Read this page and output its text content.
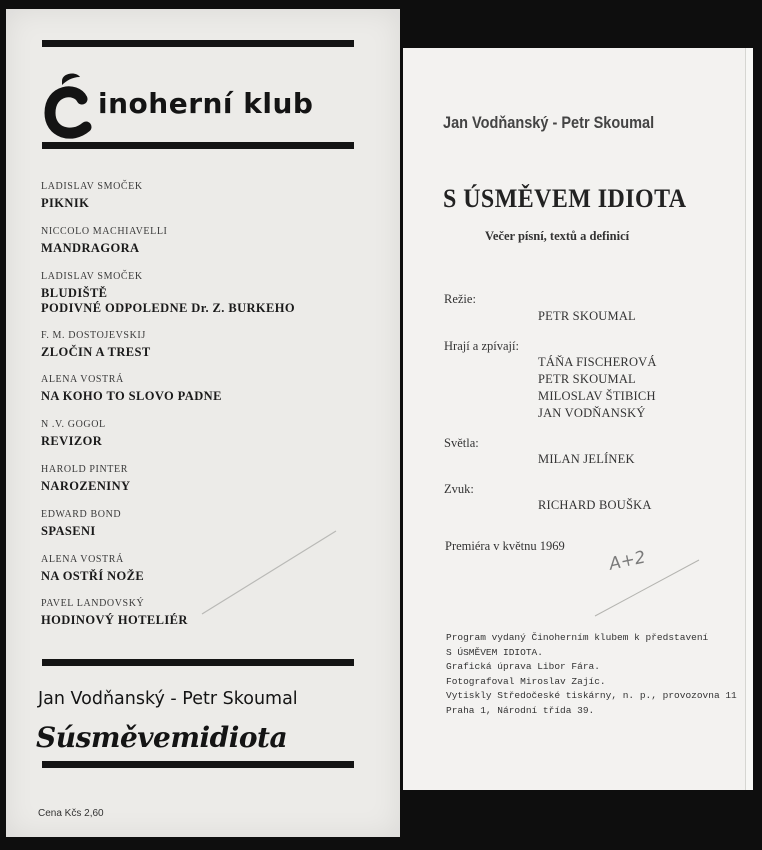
inoherní klub
LADISLAV SMOČEK
PIKNIK
NICCOLO MACHIAVELLI
MANDRAGORA
LADISLAV SMOČEK
BLUDIŠTĚ
PODIVNÉ ODPOLEDNE Dr. Z. BURKEHO
F. M. DOSTOJEVSKIJ
ZLOČIN A TREST
ALENA VOSTRÁ
NA KOHO TO SLOVO PADNE
N .V. GOGOL
REVIZOR
HAROLD PINTER
NAROZENINY
EDWARD BOND
SPASENI
ALENA VOSTRÁ
NA OSTŘÍ NOŽE
PAVEL LANDOVSKÝ
HODINOVÝ HOTELIÉR
Jan Vodňanský - Petr Skoumal
Súsměvemidiota
Cena Kčs 2,60
Jan Vodňanský - Petr Skoumal
S ÚSMĚVEM IDIOTA
Večer písní, textů a definicí
Režie:
PETR SKOUMAL
Hrají a zpívají:
TÁŇA FISCHEROVÁ
PETR SKOUMAL
MILOSLAV ŠTIBICH
JAN VODŇANSKÝ
Světla:
MILAN JELÍNEK
Zvuk:
RICHARD BOUŠKA
Premiéra v květnu 1969
A+2
Program vydaný Činoherním klubem k představení
S ÚSMĚVEM IDIOTA.
Grafická úprava Libor Fára.
Fotografoval Miroslav Zajíc.
Vytiskly Středočeské tiskárny, n. p., provozovna 11
Praha 1, Národní třída 39.
